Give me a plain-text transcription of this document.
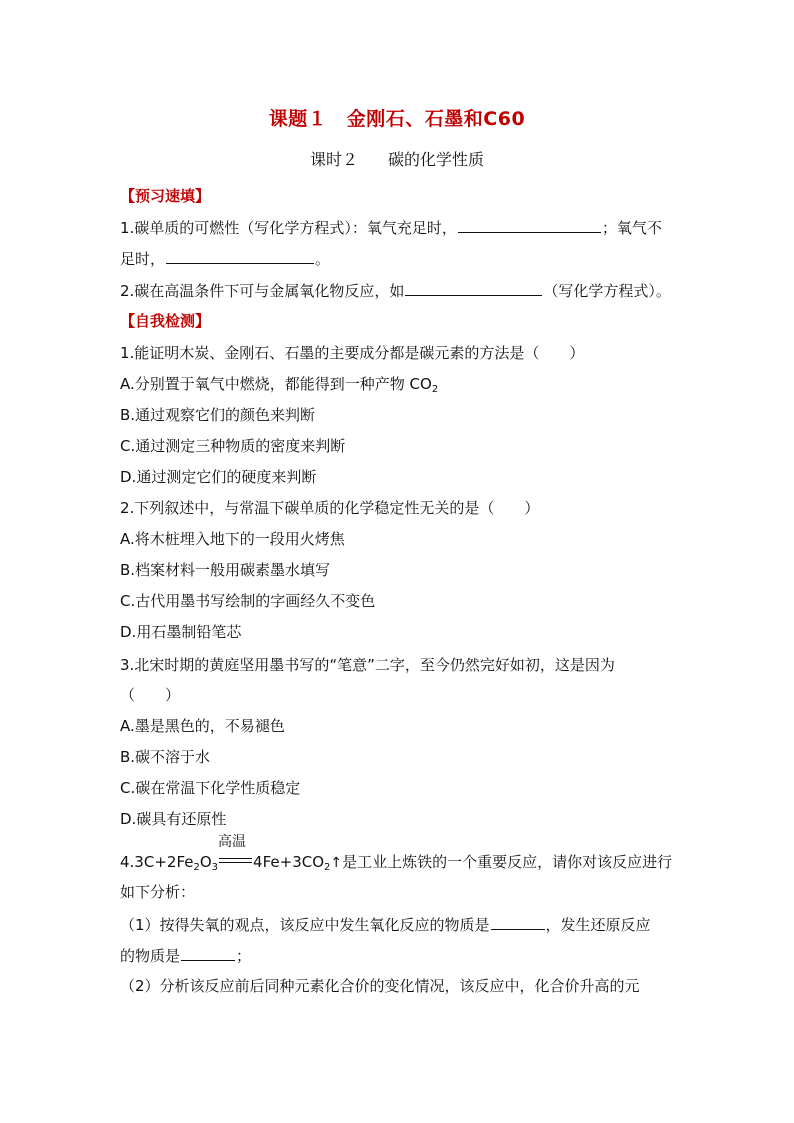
课题１　金刚石、石墨和C60
课时２ 碳的化学性质
【预习速填】
1.碳单质的可燃性（写化学方程式）：氧气充足时，	；氧气不
足时，	。
2.碳在高温条件下可与金属氧化物反应，如	（写化学方程式）。
【自我检测】
1.能证明木炭、金刚石、石墨的主要成分都是碳元素的方法是（　　）
A.分别置于氧气中燃烧，都能得到一种产物 $CO_2$
B.通过观察它们的颜色来判断
C.通过测定三种物质的密度来判断
D.通过测定它们的硬度来判断
2.下列叙述中，与常温下碳单质的化学稳定性无关的是（　　）
A.将木桩埋入地下的一段用火烤焦
B.档案材料一般用碳素墨水填写
C.古代用墨书写绘制的字画经久不变色
D.用石墨制铅笔芯
3.北宋时期的黄庭坚用墨书写的“笔意”二字，至今仍然完好如初，这是因为
（　　）
A.墨是黑色的，不易褪色
B.碳不溶于水
C.碳在常温下化学性质稳定
D.碳具有还原性
$4.3C+2Fe_2O_3$
高温
$4Fe+3CO_2↑$是工业上炼铁的一个重要反应，请你对该反应进行
如下分析：
（1）按得失氧的观点，该反应中发生氧化反应的物质是	，发生还原反应
的物质是	；
（2）分析该反应前后同种元素化合价的变化情况，该反应中，化合价升高的元
